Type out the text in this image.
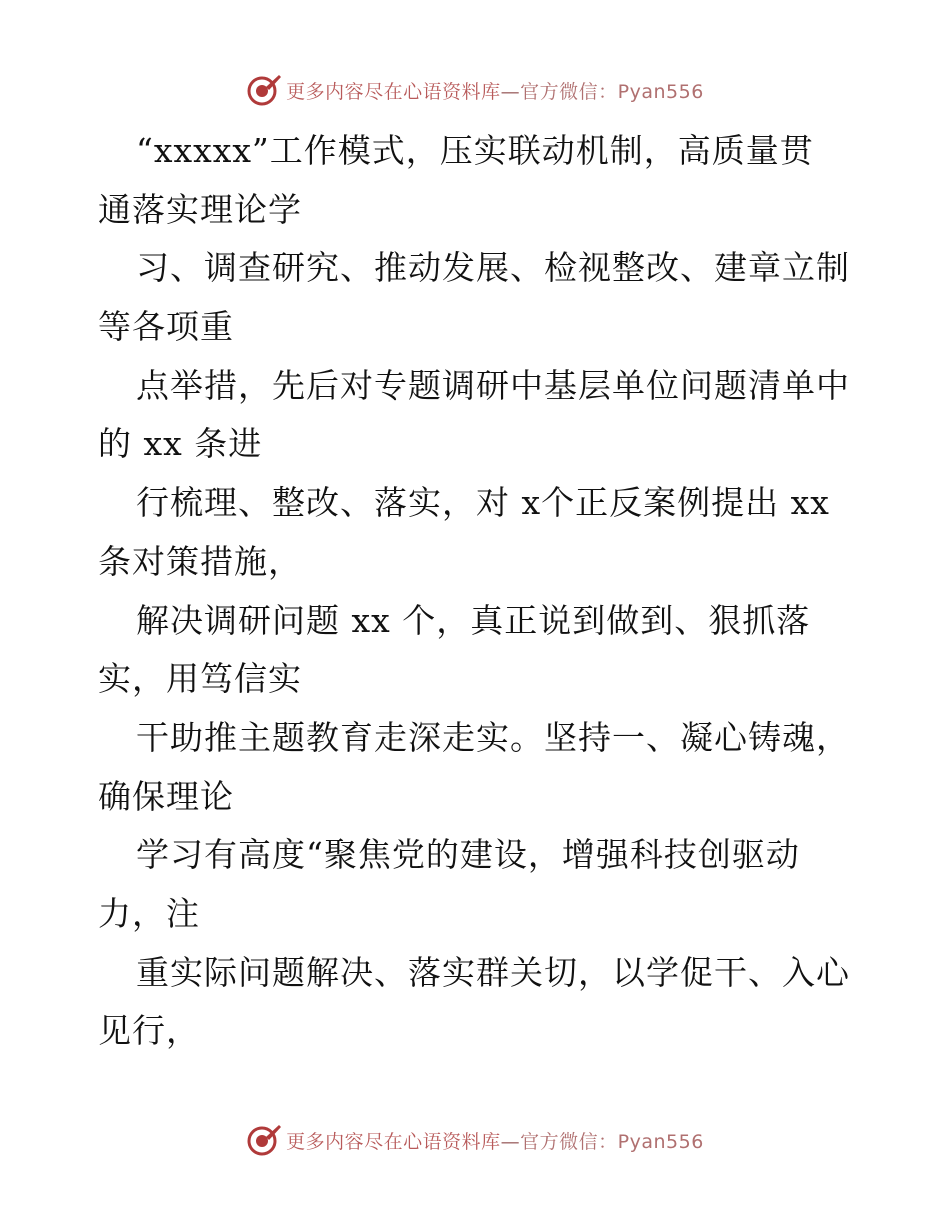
更多内容尽在心语资料库—官方微信：Pyan556
“xxxxx”工作模式，压实联动机制，高质量贯
通落实理论学
习、调查研究、推动发展、检视整改、建章立制
等各项重
点举措，先后对专题调研中基层单位问题清单中
的 xx 条进
行梳理、整改、落实，对 x个正反案例提出 xx
条对策措施，
解决调研问题 xx 个，真正说到做到、狠抓落
实，用笃信实
干助推主题教育走深走实。坚持一、凝心铸魂，
确保理论
学习有高度“聚焦党的建设，增强科技创驱动
力，注
重实际问题解决、落实群关切，以学促干、入心
见行，
更多内容尽在心语资料库—官方微信：Pyan556
